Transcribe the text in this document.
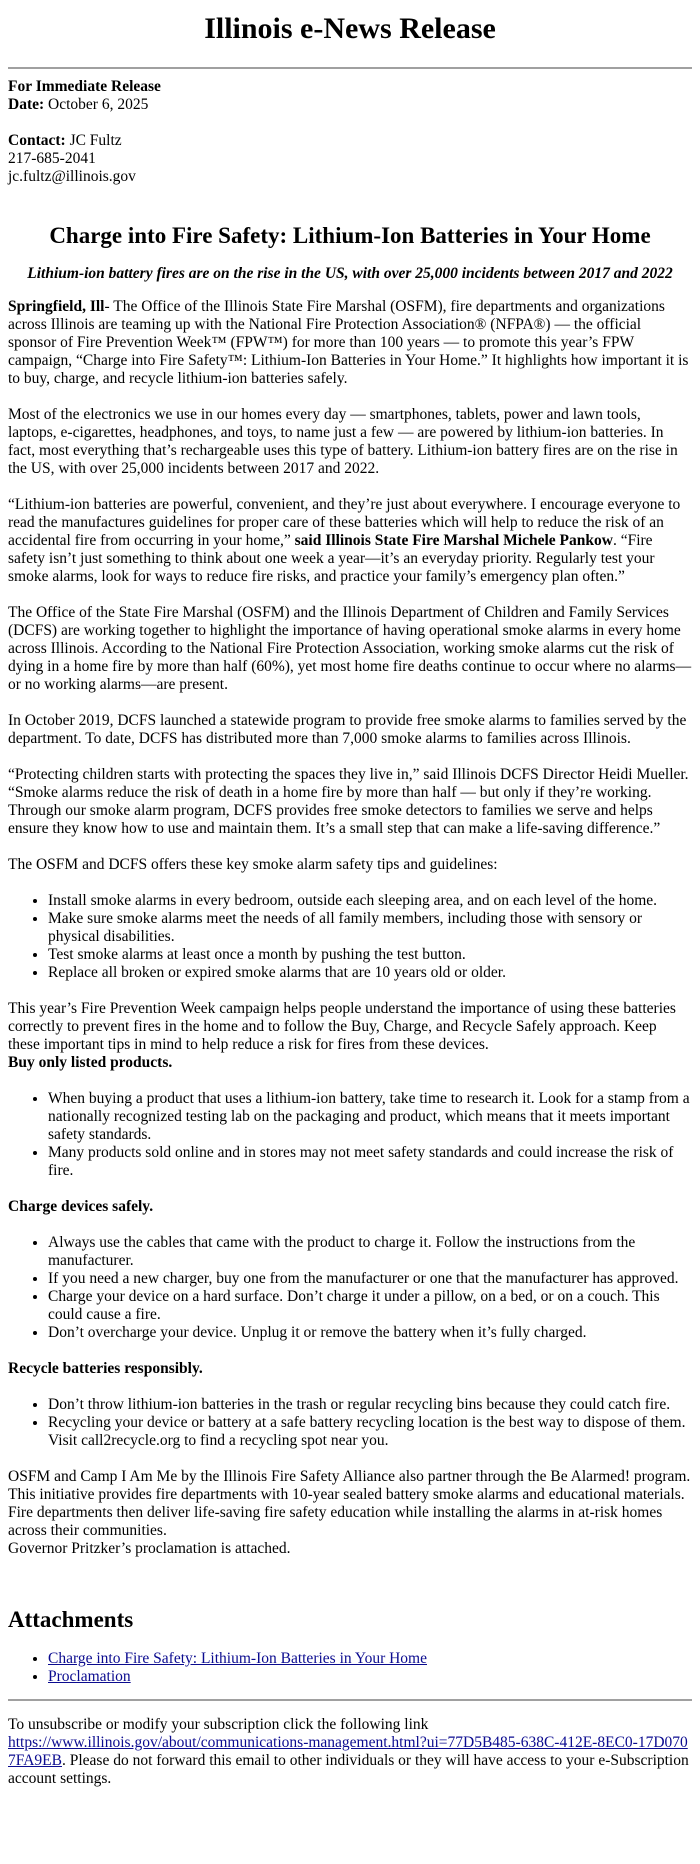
Illinois e-News Release

For Immediate Release

Date: October 6, 2025

Contact: JC Fultz

217-685-2041

jc.fultz@illinois.gov

Charge into Fire Safety: Lithium-Ion Batteries in Your Home
Lithium-ion battery fires are on the rise in the US, with over 25,000 incidents between 2017 and 2022

Springfield, Ill- The Office of the Illinois State Fire Marshal (OSFM), fire departments and organizations across Illinois are teaming up with the National Fire Protection Association® (NFPA®) — the official sponsor of Fire Prevention Week™ (FPW™) for more than 100 years — to promote this year’s FPW campaign, “Charge into Fire Safety™: Lithium-Ion Batteries in Your Home.” It highlights how important it is to buy, charge, and recycle lithium-ion batteries safely.

Most of the electronics we use in our homes every day — smartphones, tablets, power and lawn tools, laptops, e-cigarettes, headphones, and toys, to name just a few — are powered by lithium-ion batteries. In fact, most everything that’s rechargeable uses this type of battery. Lithium-ion battery fires are on the rise in the US, with over 25,000 incidents between 2017 and 2022.

“Lithium-ion batteries are powerful, convenient, and they’re just about everywhere. I encourage everyone to read the manufactures guidelines for proper care of these batteries which will help to reduce the risk of an accidental fire from occurring in your home,” said Illinois State Fire Marshal Michele Pankow. “Fire safety isn’t just something to think about one week a year—it’s an everyday priority. Regularly test your smoke alarms, look for ways to reduce fire risks, and practice your family’s emergency plan often.”

The Office of the State Fire Marshal (OSFM) and the Illinois Department of Children and Family Services (DCFS) are working together to highlight the importance of having operational smoke alarms in every home across Illinois. According to the National Fire Protection Association, working smoke alarms cut the risk of dying in a home fire by more than half (60%), yet most home fire deaths continue to occur where no alarms—or no working alarms—are present.

In October 2019, DCFS launched a statewide program to provide free smoke alarms to families served by the department. To date, DCFS has distributed more than 7,000 smoke alarms to families across Illinois.

“Protecting children starts with protecting the spaces they live in,” said Illinois DCFS Director Heidi Mueller. “Smoke alarms reduce the risk of death in a home fire by more than half — but only if they’re working. Through our smoke alarm program, DCFS provides free smoke detectors to families we serve and helps ensure they know how to use and maintain them. It’s a small step that can make a life-saving difference.”

The OSFM and DCFS offers these key smoke alarm safety tips and guidelines:

• Install smoke alarms in every bedroom, outside each sleeping area, and on each level of the home.
• Make sure smoke alarms meet the needs of all family members, including those with sensory or physical disabilities.
• Test smoke alarms at least once a month by pushing the test button.
• Replace all broken or expired smoke alarms that are 10 years old or older.

This year’s Fire Prevention Week campaign helps people understand the importance of using these batteries correctly to prevent fires in the home and to follow the Buy, Charge, and Recycle Safely approach. Keep these important tips in mind to help reduce a risk for fires from these devices.

Buy only listed products.

• When buying a product that uses a lithium-ion battery, take time to research it. Look for a stamp from a nationally recognized testing lab on the packaging and product, which means that it meets important safety standards.
• Many products sold online and in stores may not meet safety standards and could increase the risk of fire.

Charge devices safely.

• Always use the cables that came with the product to charge it. Follow the instructions from the manufacturer.
• If you need a new charger, buy one from the manufacturer or one that the manufacturer has approved.
• Charge your device on a hard surface. Don’t charge it under a pillow, on a bed, or on a couch. This could cause a fire.
• Don’t overcharge your device. Unplug it or remove the battery when it’s fully charged.

Recycle batteries responsibly.

• Don’t throw lithium-ion batteries in the trash or regular recycling bins because they could catch fire.
• Recycling your device or battery at a safe battery recycling location is the best way to dispose of them. Visit call2recycle.org to find a recycling spot near you.

OSFM and Camp I Am Me by the Illinois Fire Safety Alliance also partner through the Be Alarmed! program. This initiative provides fire departments with 10-year sealed battery smoke alarms and educational materials. Fire departments then deliver life-saving fire safety education while installing the alarms in at-risk homes across their communities.

Governor Pritzker’s proclamation is attached.

Attachments
• Charge into Fire Safety: Lithium-Ion Batteries in Your Home
• Proclamation

To unsubscribe or modify your subscription click the following link
https://www.illinois.gov/about/communications-management.html?ui=77D5B485-638C-412E-8EC0-17D0707FA9EB. Please do not forward this email to other individuals or they will have access to your e-Subscription account settings.
